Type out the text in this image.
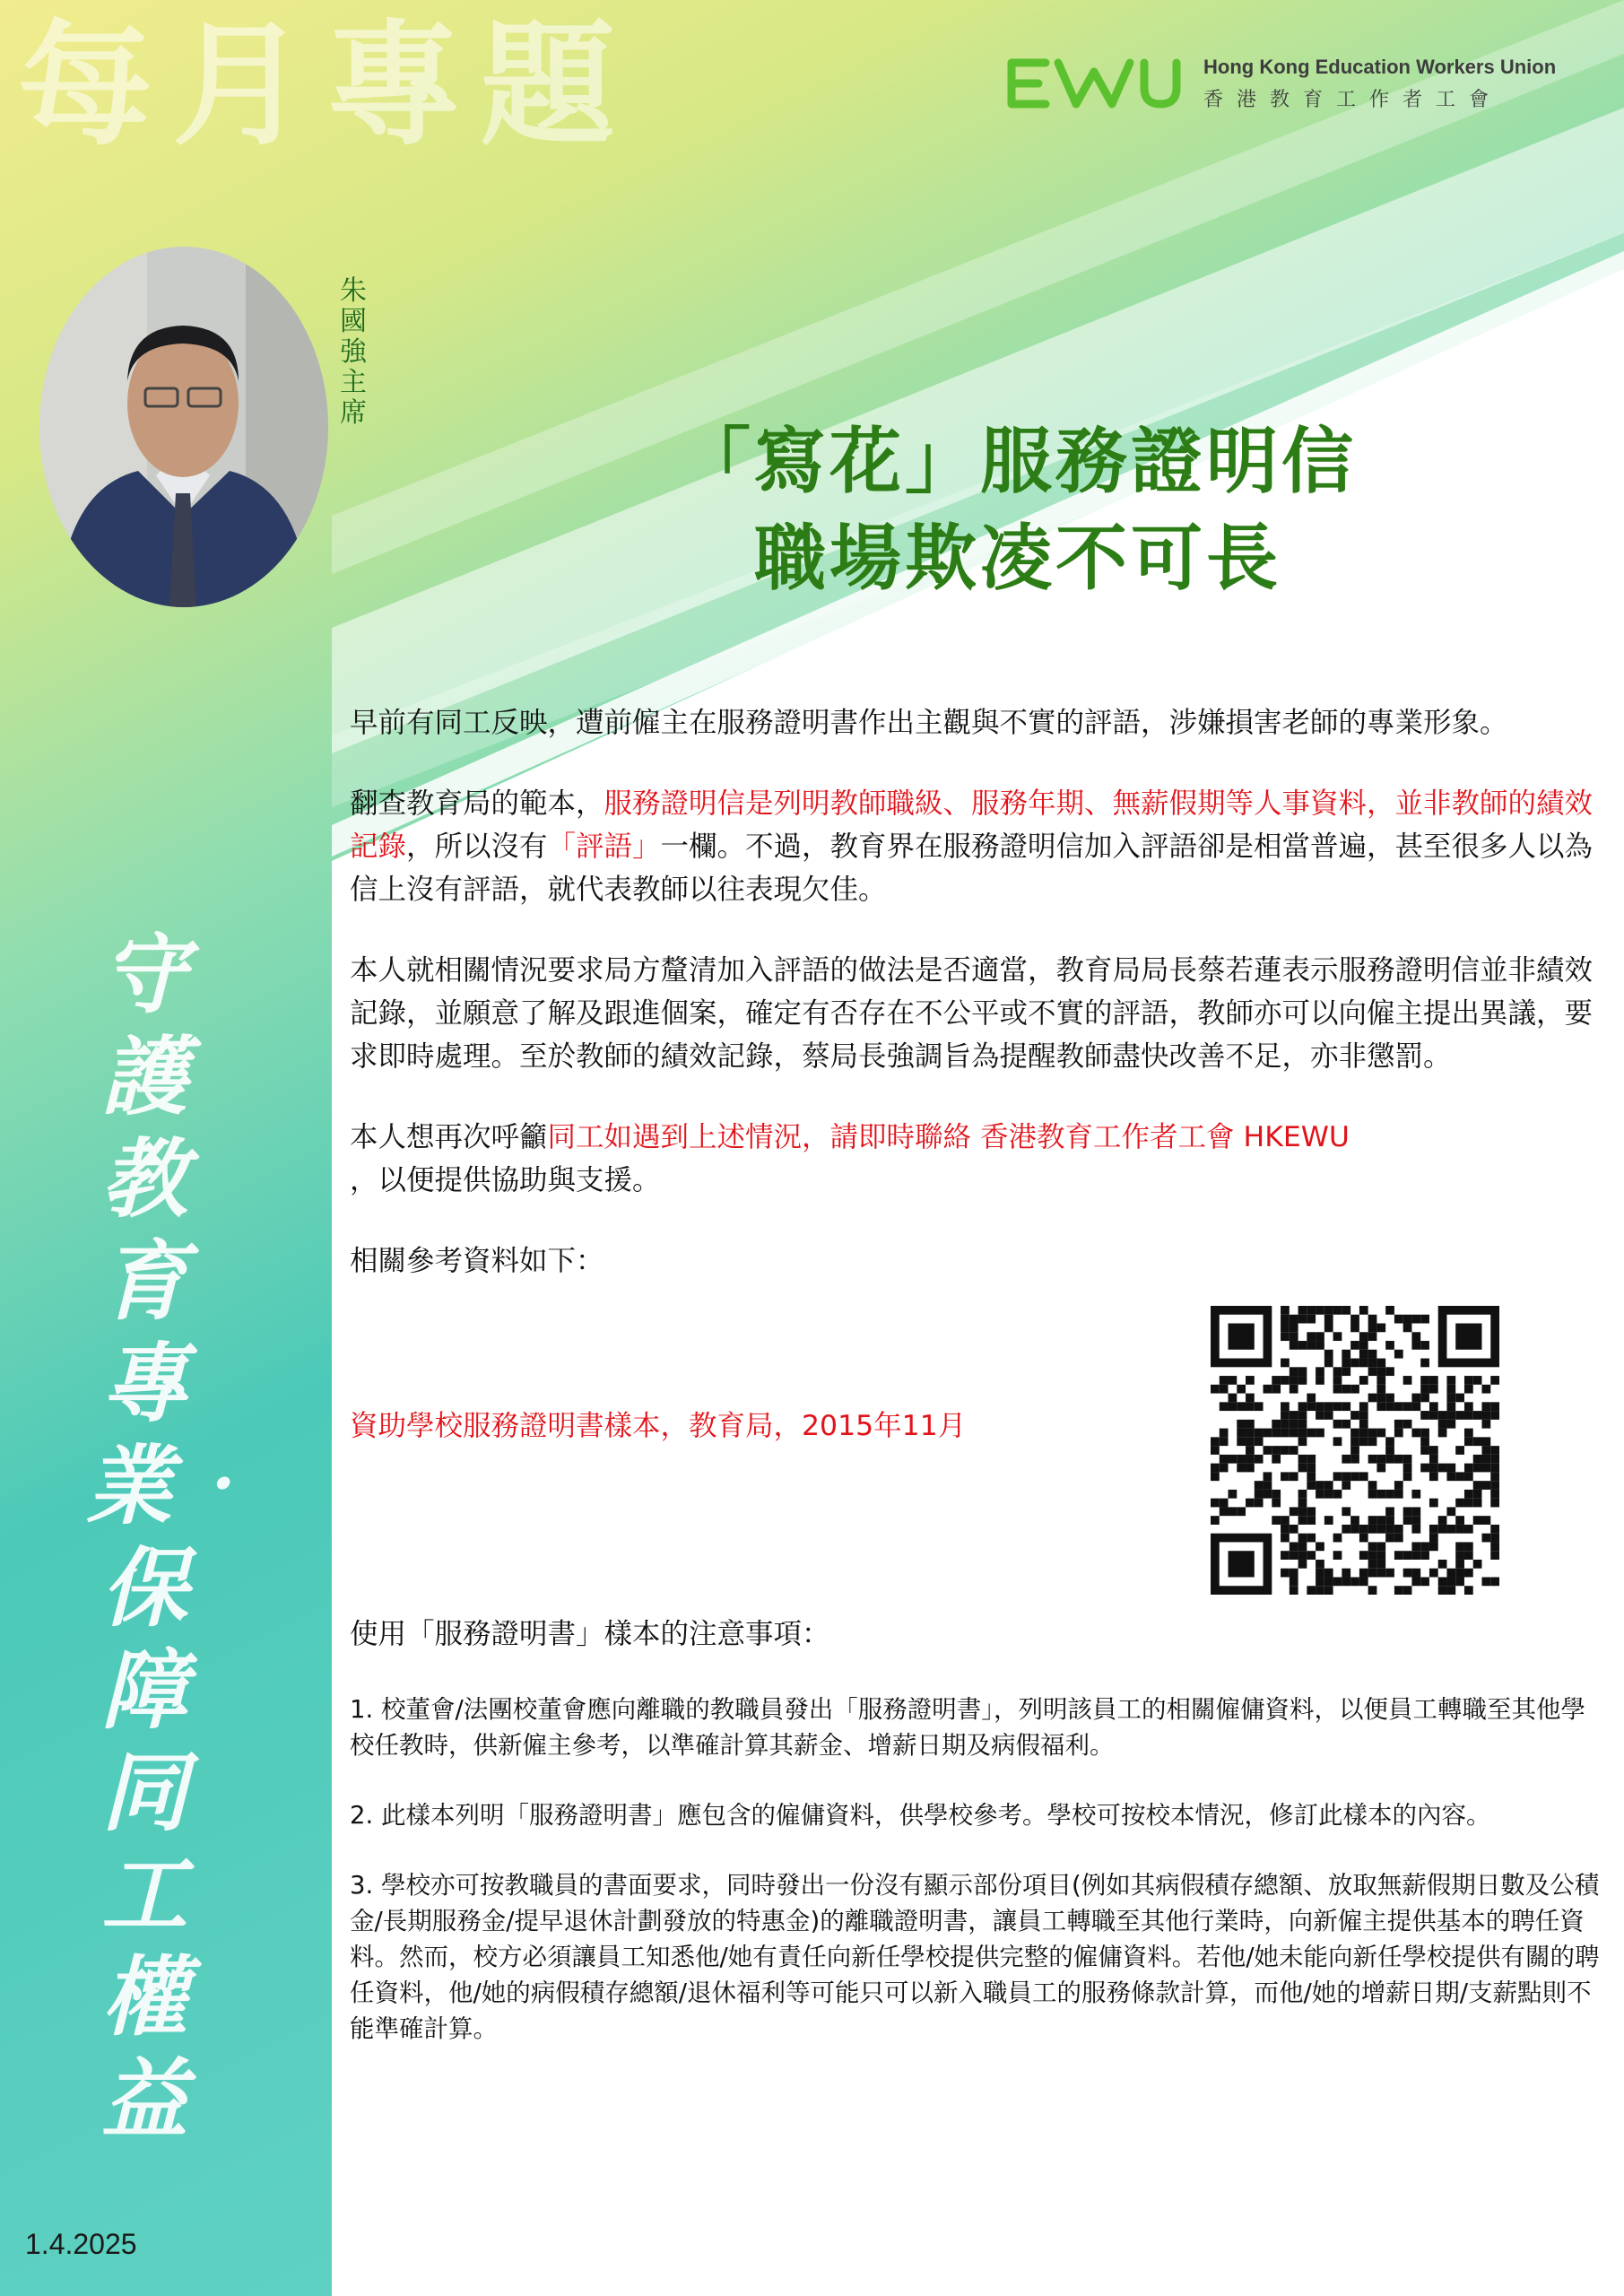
每月專題	Hong Kong Education Workers Union
香港教育工作者工會
朱國強主席
「寫花」服務證明信
職場欺凌不可長
守護教育專業‧保障同工權益

早前有同工反映，遭前僱主在服務證明書作出主觀與不實的評語，涉嫌損害老師的專業形象。

翻查教育局的範本，服務證明信是列明教師職級、服務年期、無薪假期等人事資料，並非教師的績效記錄，所以沒有「評語」一欄。不過，教育界在服務證明信加入評語卻是相當普遍，甚至很多人以為信上沒有評語，就代表教師以往表現欠佳。

本人就相關情況要求局方釐清加入評語的做法是否適當，教育局局長蔡若蓮表示服務證明信並非績效記錄，並願意了解及跟進個案，確定有否存在不公平或不實的評語，教師亦可以向僱主提出異議，要求即時處理。至於教師的績效記錄，蔡局長強調旨為提醒教師盡快改善不足，亦非懲罰。

本人想再次呼籲同工如遇到上述情況，請即時聯絡 香港教育工作者工會 HKEWU
，以便提供協助與支援。

相關參考資料如下：

資助學校服務證明書樣本，教育局，2015年11月

使用「服務證明書」樣本的注意事項：

1. 校董會/法團校董會應向離職的教職員發出「服務證明書」，列明該員工的相關僱傭資料，以便員工轉職至其他學校任教時，供新僱主參考，以準確計算其薪金、增薪日期及病假福利。

2. 此樣本列明「服務證明書」應包含的僱傭資料，供學校參考。學校可按校本情況，修訂此樣本的內容。

3. 學校亦可按教職員的書面要求，同時發出一份沒有顯示部份項目(例如其病假積存總額、放取無薪假期日數及公積金/長期服務金/提早退休計劃發放的特惠金)的離職證明書，讓員工轉職至其他行業時，向新僱主提供基本的聘任資料。然而，校方必須讓員工知悉他/她有責任向新任學校提供完整的僱傭資料。若他/她未能向新任學校提供有關的聘任資料，他/她的病假積存總額/退休福利等可能只可以新入職員工的服務條款計算，而他/她的增薪日期/支薪點則不能準確計算。

1.4.2025
